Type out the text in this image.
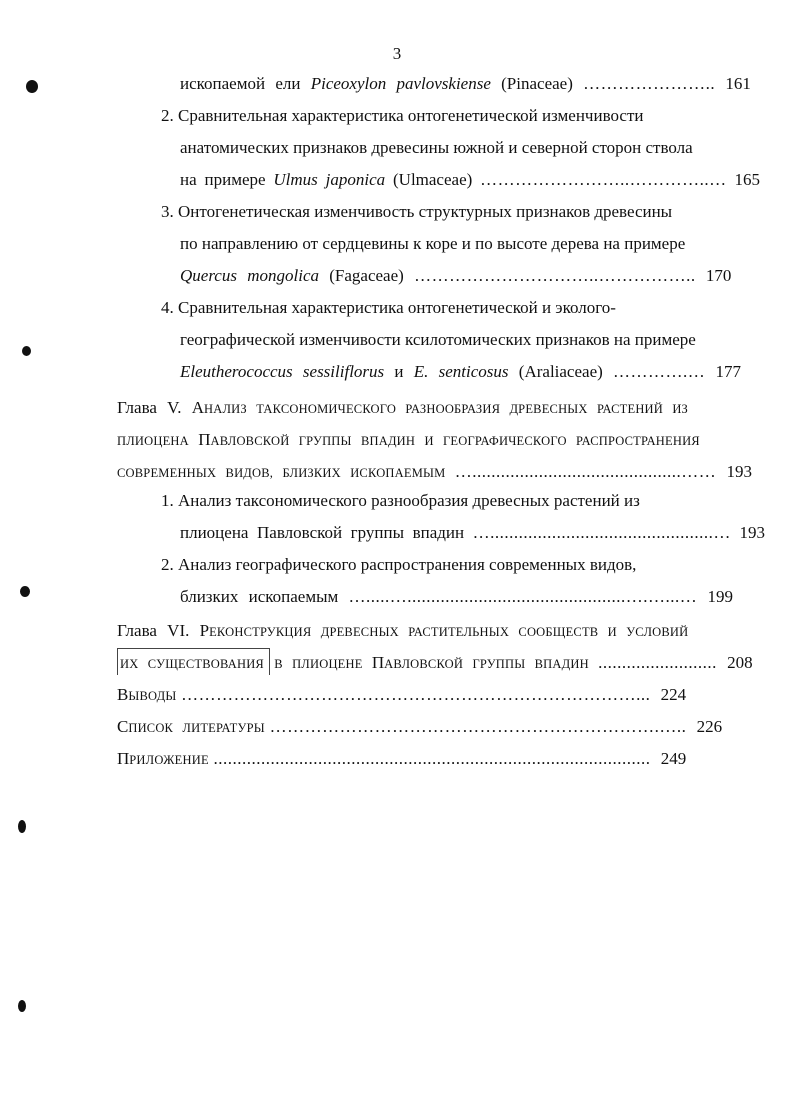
3
ископаемой ели Piceoxylon pavlovskiense (Pinaceae) ………………….. 161
2. Сравнительная характеристика онтогенетической изменчивости
анатомических признаков древесины южной и северной сторон ствола
на примере Ulmus japonica (Ulmaceae) ……………………..…………..… 165
3. Онтогенетическая изменчивость структурных признаков древесины
по направлению от сердцевины к коре и по высоте дерева на примере
Quercus mongolica (Fagaceae) …………………………..…………….. 170
4. Сравнительная характеристика онтогенетической и эколого-
географической изменчивости ксилотомических признаков на примере
Eleutherococcus sessiliflorus и E. senticosus (Araliaceae) ………….… 177
Глава V. АНАЛИЗ ТАКСОНОМИЧЕСКОГО РАЗНООБРАЗИЯ ДРЕВЕСНЫХ РАСТЕНИЙ ИЗ
ПЛИОЦЕНА ПАВЛОВСКОЙ ГРУППЫ ВПАДИН И ГЕОГРАФИЧЕСКОГО РАСПРОСТРАНЕНИЯ
СОВРЕМЕННЫХ ВИДОВ, БЛИЗКИХ ИСКОПАЕМЫМ …............................................…… 193
1. Анализ таксономического разнообразия древесных растений из
плиоцена Павловской группы впадин …...............................................… 193
2. Анализ географического распространения современных видов,
близких ископаемым ….....…..............................................….…...… 199
Глава VI. РЕКОНСТРУКЦИЯ ДРЕВЕСНЫХ РАСТИТЕЛЬНЫХ СООБЩЕСТВ И УСЛОВИЙ
ИХ СУЩЕСТВОВАНИЯ В ПЛИОЦЕНЕ ПАВЛОВСКОЙ ГРУППЫ ВПАДИН ......................... 208
ВЫВОДЫ ……………………………………………………………………... 224
СПИСОК ЛИТЕРАТУРЫ ………………………………………………………….….. 226
ПРИЛОЖЕНИЕ ............................................................................................ 249
